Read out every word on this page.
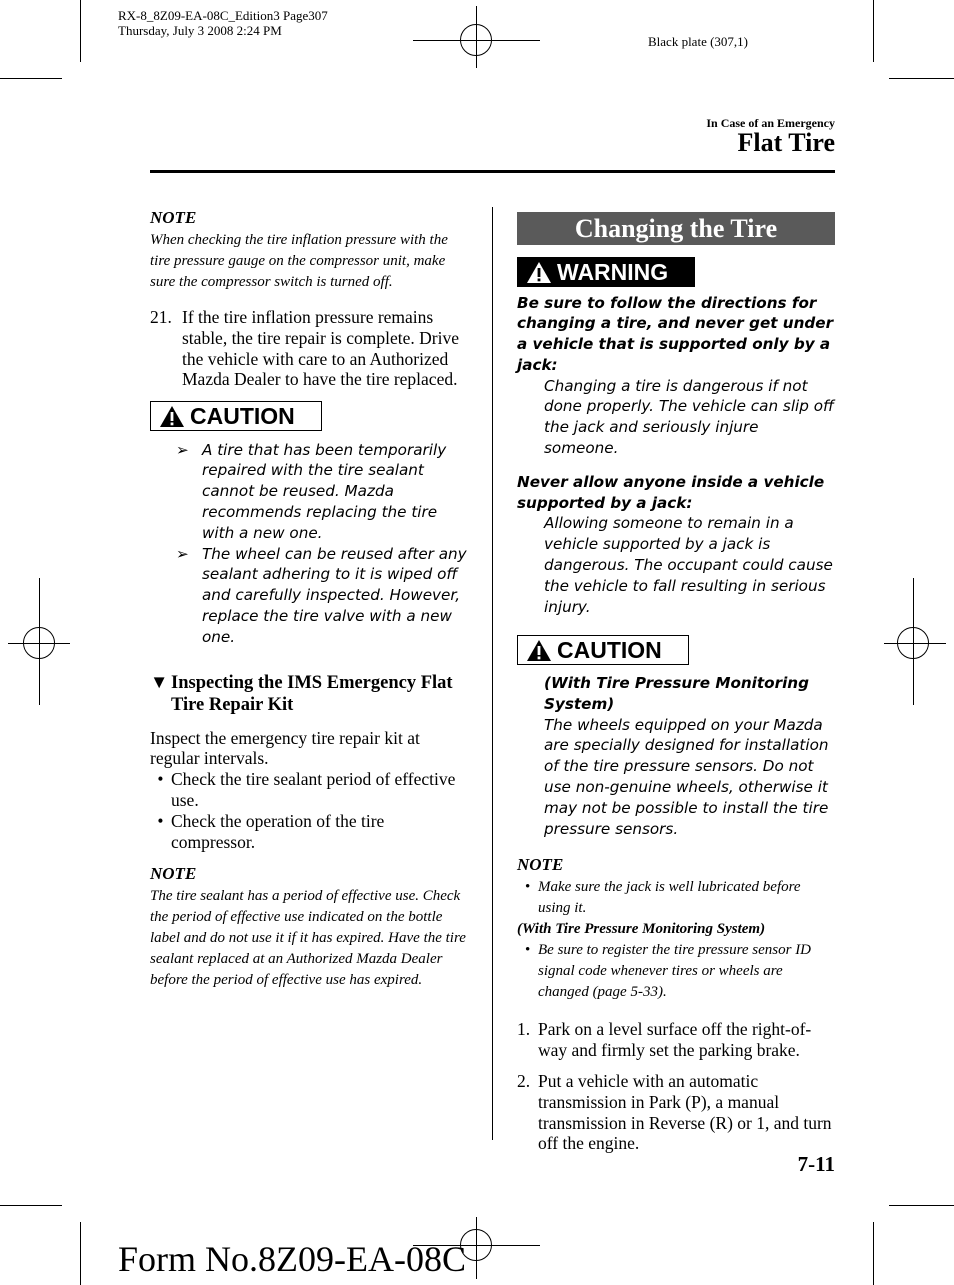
RX-8_8Z09-EA-08C_Edition3 Page307
Thursday, July 3 2008 2:24 PM
Black plate (307,1)
In Case of an Emergency
Flat Tire
NOTE

When checking the tire inflation pressure with the tire pressure gauge on the compressor unit, make sure the compressor switch is turned off.

21. If the tire inflation pressure remains stable, the tire repair is complete. Drive the vehicle with care to an Authorized Mazda Dealer to have the tire replaced.
CAUTION
➢ A tire that has been temporarily repaired with the tire sealant cannot be reused. Mazda recommends replacing the tire with a new one.
➢ The wheel can be reused after any sealant adhering to it is wiped off and carefully inspected. However, replace the tire valve with a new one.
▼ Inspecting the IMS Emergency Flat Tire Repair Kit
Inspect the emergency tire repair kit at regular intervals.
• Check the tire sealant period of effective use.
• Check the operation of the tire compressor.
NOTE

The tire sealant has a period of effective use. Check the period of effective use indicated on the bottle label and do not use it if it has expired. Have the tire sealant replaced at an Authorized Mazda Dealer before the period of effective use has expired.

Changing the Tire
WARNING
Be sure to follow the directions for changing a tire, and never get under a vehicle that is supported only by a jack:
Changing a tire is dangerous if not done properly. The vehicle can slip off the jack and seriously injure someone.
Never allow anyone inside a vehicle supported by a jack:
Allowing someone to remain in a vehicle supported by a jack is dangerous. The occupant could cause the vehicle to fall resulting in serious injury.
CAUTION
(With Tire Pressure Monitoring System)
The wheels equipped on your Mazda are specially designed for installation of the tire pressure sensors. Do not use non-genuine wheels, otherwise it may not be possible to install the tire pressure sensors.
NOTE
• Make sure the jack is well lubricated before using it.
(With Tire Pressure Monitoring System)
• Be sure to register the tire pressure sensor ID signal code whenever tires or wheels are changed (page 5-33).
1. Park on a level surface off the right-of-way and firmly set the parking brake.
2. Put a vehicle with an automatic transmission in Park (P), a manual transmission in Reverse (R) or 1, and turn off the engine.
7-11
Form No.8Z09-EA-08C
